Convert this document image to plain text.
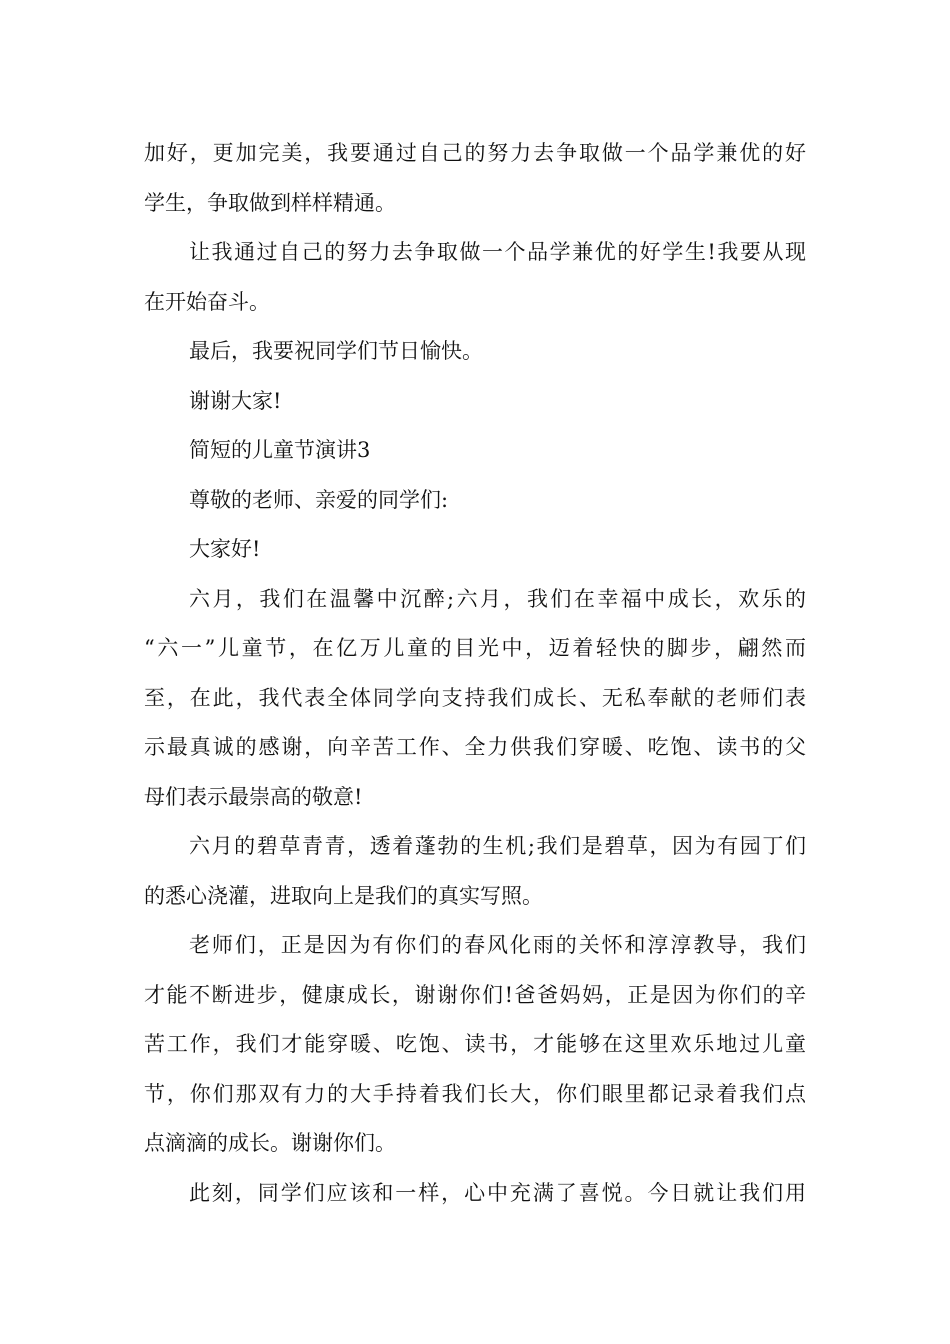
加好，更加完美，我要通过自己的努力去争取做一个品学兼优的好
学生，争取做到样样精通。
让我通过自己的努力去争取做一个品学兼优的好学生!我要从现
在开始奋斗。
最后，我要祝同学们节日愉快。
谢谢大家!
简短的儿童节演讲3
尊敬的老师、亲爱的同学们:
大家好!
六月，我们在温馨中沉醉;六月，我们在幸福中成长，欢乐的
“六一”儿童节，在亿万儿童的目光中，迈着轻快的脚步，翩然而
至，在此，我代表全体同学向支持我们成长、无私奉献的老师们表
示最真诚的感谢，向辛苦工作、全力供我们穿暖、吃饱、读书的父
母们表示最崇高的敬意!
六月的碧草青青，透着蓬勃的生机;我们是碧草，因为有园丁们
的悉心浇灌，进取向上是我们的真实写照。
老师们，正是因为有你们的春风化雨的关怀和淳淳教导，我们
才能不断进步，健康成长，谢谢你们!爸爸妈妈，正是因为你们的辛
苦工作，我们才能穿暖、吃饱、读书，才能够在这里欢乐地过儿童
节，你们那双有力的大手持着我们长大，你们眼里都记录着我们点
点滴滴的成长。谢谢你们。
此刻，同学们应该和一样，心中充满了喜悦。今日就让我们用
